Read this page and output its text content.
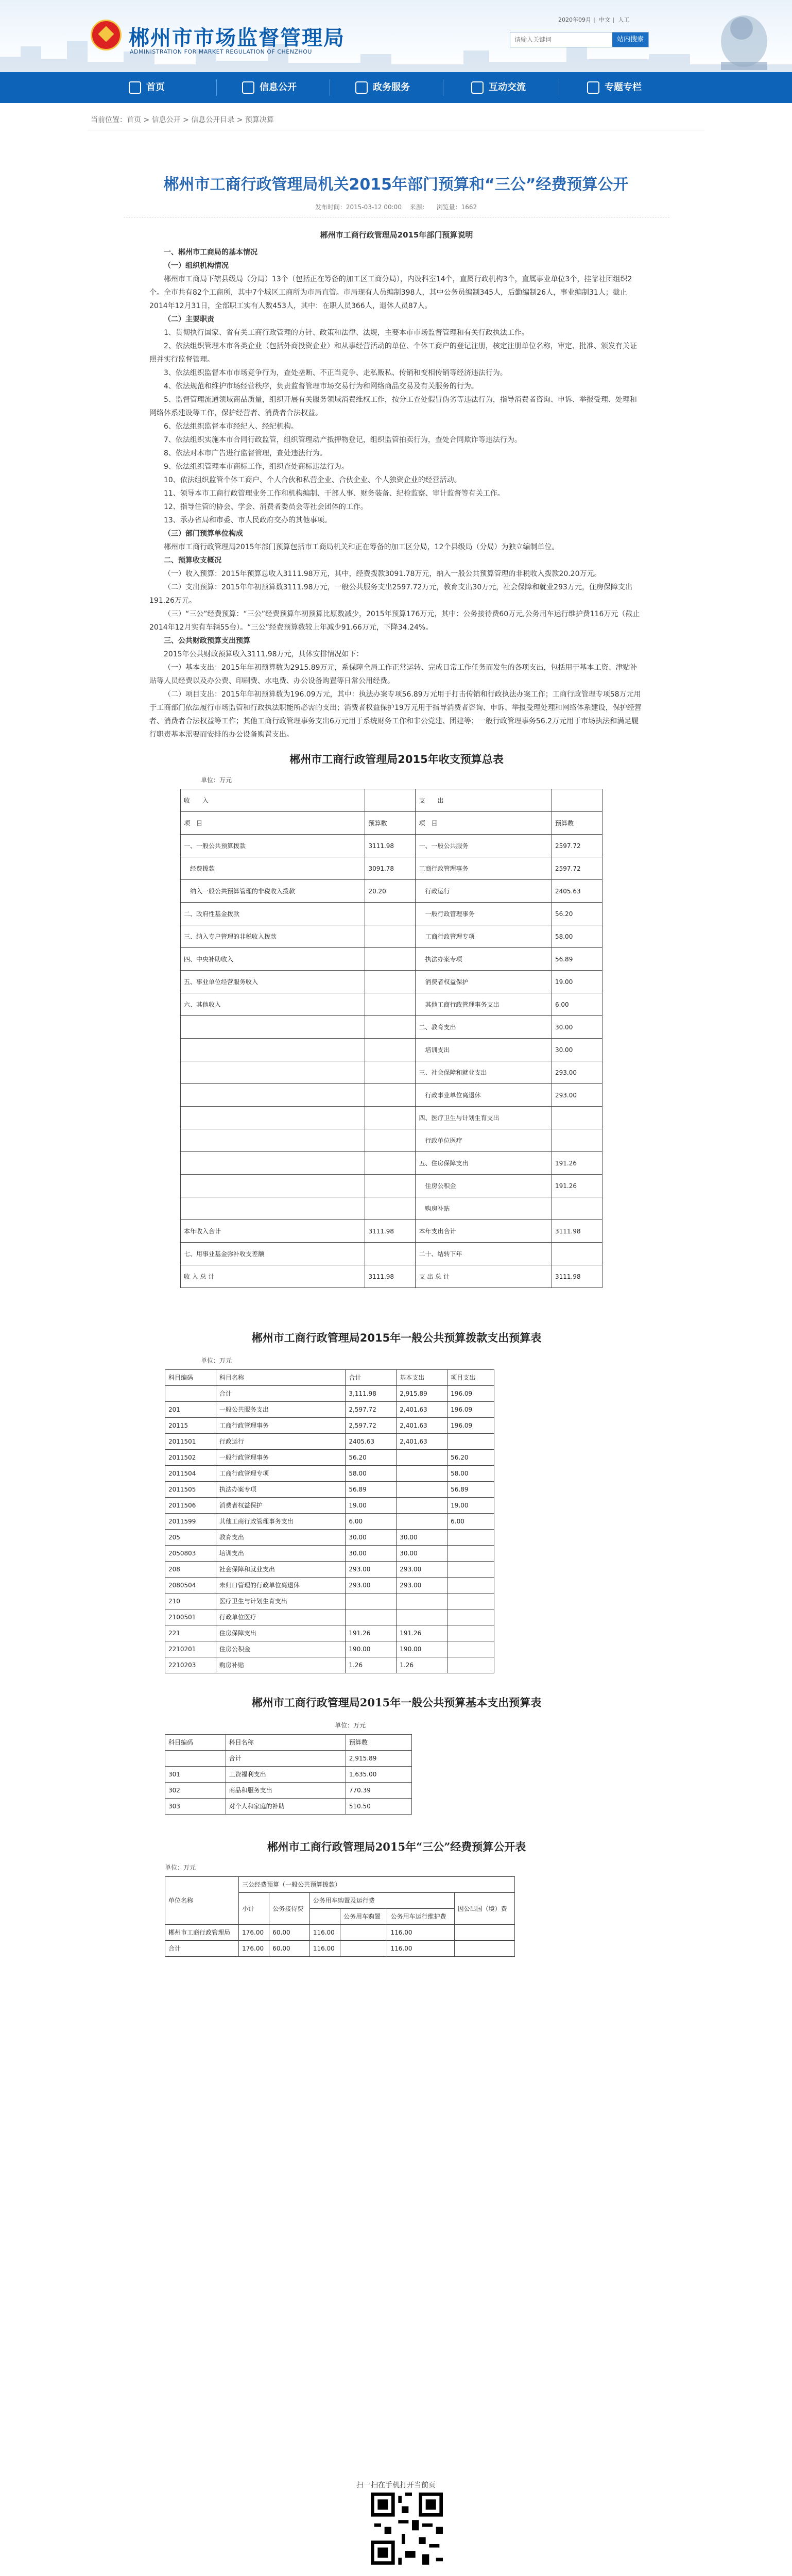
郴州市市场监督管理局
ADMINISTRATION FOR MARKET REGULATION OF CHENZHOU
2020年09月 | 中文 | 人工
请输入关键词
站内搜索
首页	信息公开	政务服务	互动交流	专题专栏
当前位置：首页 > 信息公开 > 信息公开目录 > 预算决算
郴州市工商行政管理局机关2015年部门预算和“三公”经费预算公开
发布时间：2015-03-12 00:00 来源： 浏览量：1662
郴州市工商行政管理局2015年部门预算说明

一、郴州市工商局的基本情况

（一）组织机构情况

郴州市工商局下辖县级局（分局）13个（包括正在筹备的加工区工商分局），内设科室14个，直属行政机构3个，直属事业单位3个，挂靠社团组织2个。全市共有82个工商所，其中7个城区工商所为市局直管。市局现有人员编制398人，其中公务员编制345人，后勤编制26人，事业编制31人；截止2014年12月31日，全部职工实有人数453人，其中：在职人员366人，退休人员87人。

（二）主要职责

1、贯彻执行国家、省有关工商行政管理的方针、政策和法律、法规，主要本市市场监督管理和有关行政执法工作。

2、依法组织管理本市各类企业（包括外商投资企业）和从事经营活动的单位、个体工商户的登记注册，核定注册单位名称，审定、批准、颁发有关证照并实行监督管理。

3、依法组织监督本市市场竞争行为，查处垄断、不正当竞争、走私贩私、传销和变相传销等经济违法行为。

4、依法规范和维护市场经营秩序，负责监督管理市场交易行为和网络商品交易及有关服务的行为。

5、监督管理流通领域商品质量，组织开展有关服务领域消费维权工作，按分工查处假冒伪劣等违法行为，指导消费者咨询、申诉、举报受理、处理和网络体系建设等工作，保护经营者、消费者合法权益。

6、依法组织监督本市经纪人、经纪机构。

7、依法组织实施本市合同行政监管，组织管理动产抵押物登记，组织监管拍卖行为，查处合同欺诈等违法行为。

8、依法对本市广告进行监督管理，查处违法行为。

9、依法组织管理本市商标工作，组织查处商标违法行为。

10、依法组织监管个体工商户、个人合伙和私营企业、合伙企业、个人独资企业的经营活动。

11、领导本市工商行政管理业务工作和机构编制、干部人事、财务装备、纪检监察、审计监督等有关工作。

12、指导住管的协会、学会、消费者委员会等社会团体的工作。

13、承办省局和市委、市人民政府交办的其他事项。

（三）部门预算单位构成

郴州市工商行政管理局2015年部门预算包括市工商局机关和正在筹备的加工区分局，12个县级局（分局）为独立编制单位。

二、预算收支概况

（一）收入预算：2015年预算总收入3111.98万元，其中，经费拨款3091.78万元，纳入一般公共预算管理的非税收入拨款20.20万元。

（二）支出预算：2015年年初预算数3111.98万元，一般公共服务支出2597.72万元，教育支出30万元，社会保障和就业293万元，住房保障支出191.26万元。

（三）“三公”经费预算：“三公”经费预算年初预算比原数减少，2015年预算176万元，其中：公务接待费60万元,公务用车运行维护费116万元（截止2014年12月实有车辆55台）。“三公”经费预算数较上年减少91.66万元，下降34.24%。

三、公共财政预算支出预算

2015年公共财政预算收入3111.98万元，具体安排情况如下：

（一）基本支出：2015年年初预算数为2915.89万元，系保障全局工作正常运转、完成日常工作任务而发生的各项支出，包括用于基本工资、津贴补贴等人员经费以及办公费、印刷费、水电费、办公设备购置等日常公用经费。

（二）项目支出：2015年年初预算数为196.09万元，其中：执法办案专项56.89万元用于打击传销和行政执法办案工作；工商行政管理专项58万元用于工商部门依法履行市场监管和行政执法职能所必需的支出；消费者权益保护19万元用于指导消费者咨询、申诉、举报受理处理和网络体系建设，保护经营者、消费者合法权益等工作；其他工商行政管理事务支出6万元用于系统财务工作和非公党建、团建等；一般行政管理事务56.2万元用于市场执法和满足履行职责基本需要而安排的办公设备购置支出。

郴州市工商行政管理局2015年收支预算总表
单位：万元
收　　入		支　　出	
项　目	预算数	项　目	预算数
一、一般公共预算拨款	3111.98	一、一般公共服务	2597.72
　经费拨款	3091.78	工商行政管理事务	2597.72
　纳入一般公共预算管理的非税收入拨款	20.20	　行政运行	2405.63
二、政府性基金拨款		　一般行政管理事务	56.20
三、纳入专户管理的非税收入拨款		　工商行政管理专项	58.00
四、中央补助收入		　执法办案专项	56.89
五、事业单位经营服务收入		　消费者权益保护	19.00
六、其他收入		　其他工商行政管理事务支出	6.00
		二、教育支出	30.00
		　培训支出	30.00
		三、社会保障和就业支出	293.00
		　行政事业单位离退休	293.00
		四、医疗卫生与计划生育支出	
		　行政单位医疗	
		五、住房保障支出	191.26
		　住房公积金	191.26
		　购房补贴	
本年收入合计	3111.98	本年支出合计	3111.98
七、用事业基金弥补收支差额		二十、结转下年	
收 入 总 计	3111.98	支 出 总 计	3111.98
郴州市工商行政管理局2015年一般公共预算拨款支出预算表
单位：万元
科目编码	科目名称	合计	基本支出	项目支出
	合计	3,111.98	2,915.89	196.09
201	一般公共服务支出	2,597.72	2,401.63	196.09
20115	工商行政管理事务	2,597.72	2,401.63	196.09
2011501	行政运行	2405.63	2,401.63	
2011502	一般行政管理事务	56.20		56.20
2011504	工商行政管理专项	58.00		58.00
2011505	执法办案专项	56.89		56.89
2011506	消费者权益保护	19.00		19.00
2011599	其他工商行政管理事务支出	6.00		6.00
205	教育支出	30.00	30.00	
2050803	培训支出	30.00	30.00	
208	社会保障和就业支出	293.00	293.00	
2080504	未归口管理的行政单位离退休	293.00	293.00	
210	医疗卫生与计划生育支出			
2100501	行政单位医疗			
221	住房保障支出	191.26	191.26	
2210201	住房公积金	190.00	190.00	
2210203	购房补贴	1.26	1.26	
郴州市工商行政管理局2015年一般公共预算基本支出预算表
单位：万元
科目编码	科目名称	预算数
	合计	2,915.89
301	工资福利支出	1,635.00
302	商品和服务支出	770.39
303	对个人和家庭的补助	510.50
郴州市工商行政管理局2015年“三公”经费预算公开表
单位：万元
单位名称	三公经费预算（一般公共预算拨款）					
	小计	公务接待费	公务用车购置及运行费			因公出国（境）费
				公务用车购置	公务用车运行维护费	
郴州市工商行政管理局	176.00	60.00	116.00		116.00	
合计	176.00	60.00	116.00		116.00	
扫一扫在手机打开当前页
